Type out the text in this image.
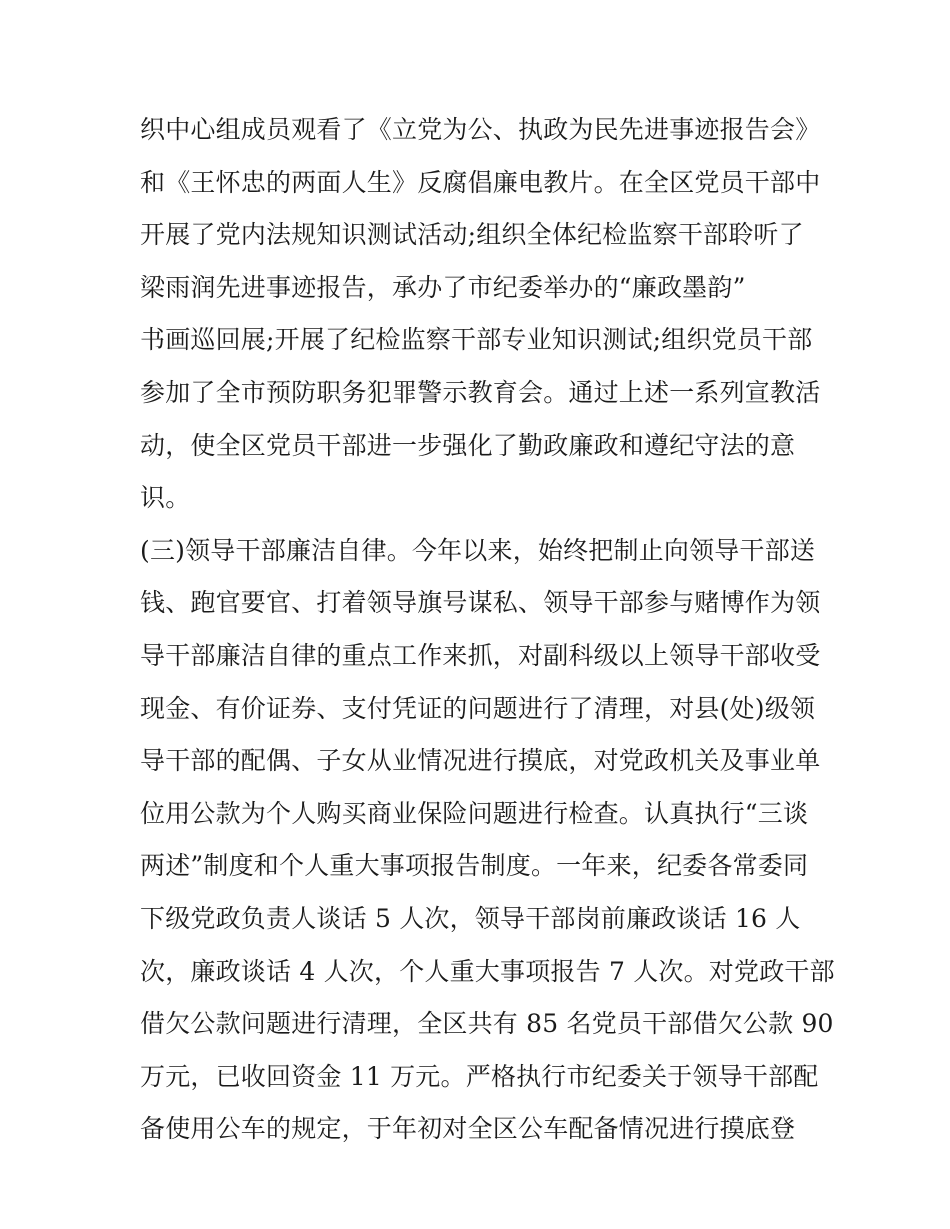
织中心组成员观看了《立党为公、执政为民先进事迹报告会》
和《王怀忠的两面人生》反腐倡廉电教片。在全区党员干部中
开展了党内法规知识测试活动;组织全体纪检监察干部聆听了
梁雨润先进事迹报告，承办了市纪委举办的“廉政墨韵”
书画巡回展;开展了纪检监察干部专业知识测试;组织党员干部
参加了全市预防职务犯罪警示教育会。通过上述一系列宣教活
动，使全区党员干部进一步强化了勤政廉政和遵纪守法的意
识。
(三)领导干部廉洁自律。今年以来，始终把制止向领导干部送
钱、跑官要官、打着领导旗号谋私、领导干部参与赌博作为领
导干部廉洁自律的重点工作来抓，对副科级以上领导干部收受
现金、有价证券、支付凭证的问题进行了清理，对县(处)级领
导干部的配偶、子女从业情况进行摸底，对党政机关及事业单
位用公款为个人购买商业保险问题进行检查。认真执行“三谈
两述”制度和个人重大事项报告制度。一年来，纪委各常委同
下级党政负责人谈话 5 人次，领导干部岗前廉政谈话 16 人
次，廉政谈话 4 人次，个人重大事项报告 7 人次。对党政干部
借欠公款问题进行清理，全区共有 85 名党员干部借欠公款 90
万元，已收回资金 11 万元。严格执行市纪委关于领导干部配
备使用公车的规定，于年初对全区公车配备情况进行摸底登
